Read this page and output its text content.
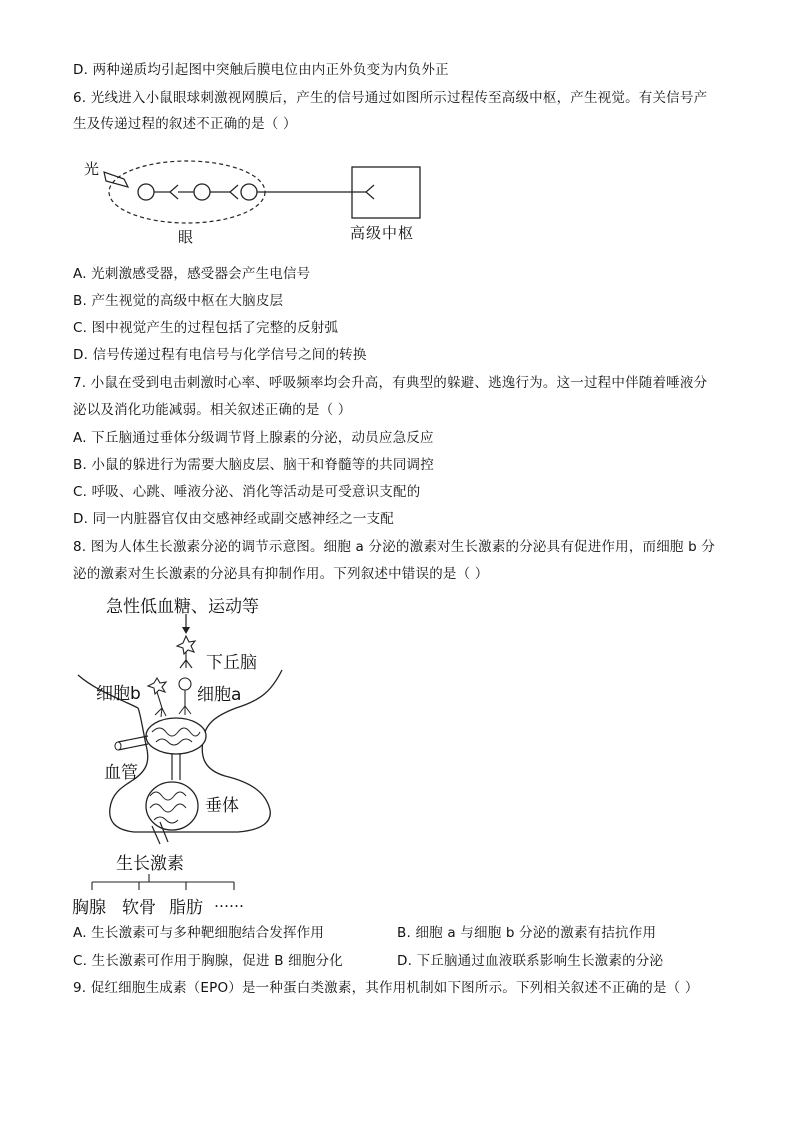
D. 两种递质均引起图中突触后膜电位由内正外负变为内负外正
6. 光线进入小鼠眼球刺激视网膜后，产生的信号通过如图所示过程传至高级中枢，产生视觉。有关信号产
生及传递过程的叙述不正确的是（ ）
光
眼	高级中枢
A. 光刺激感受器，感受器会产生电信号
B. 产生视觉的高级中枢在大脑皮层
C. 图中视觉产生的过程包括了完整的反射弧
D. 信号传递过程有电信号与化学信号之间的转换
7. 小鼠在受到电击刺激时心率、呼吸频率均会升高，有典型的躲避、逃逸行为。这一过程中伴随着唾液分
泌以及消化功能减弱。相关叙述正确的是（ ）
A. 下丘脑通过垂体分级调节肾上腺素的分泌，动员应急反应
B. 小鼠的躲进行为需要大脑皮层、脑干和脊髓等的共同调控
C. 呼吸、心跳、唾液分泌、消化等活动是可受意识支配的
D. 同一内脏器官仅由交感神经或副交感神经之一支配
8. 图为人体生长激素分泌的调节示意图。细胞 a 分泌的激素对生长激素的分泌具有促进作用，而细胞 b 分
泌的激素对生长激素的分泌具有抑制作用。下列叙述中错误的是（ ）
急性低血糖、运动等
下丘脑
细胞b	细胞a
血管
垂体
生长激素
胸腺 软骨 脂肪 ……
A. 生长激素可与多种靶细胞结合发挥作用	B. 细胞 a 与细胞 b 分泌的激素有拮抗作用
C. 生长激素可作用于胸腺，促进 B 细胞分化	D. 下丘脑通过血液联系影响生长激素的分泌
9. 促红细胞生成素（EPO）是一种蛋白类激素，其作用机制如下图所示。下列相关叙述不正确的是（ ）
